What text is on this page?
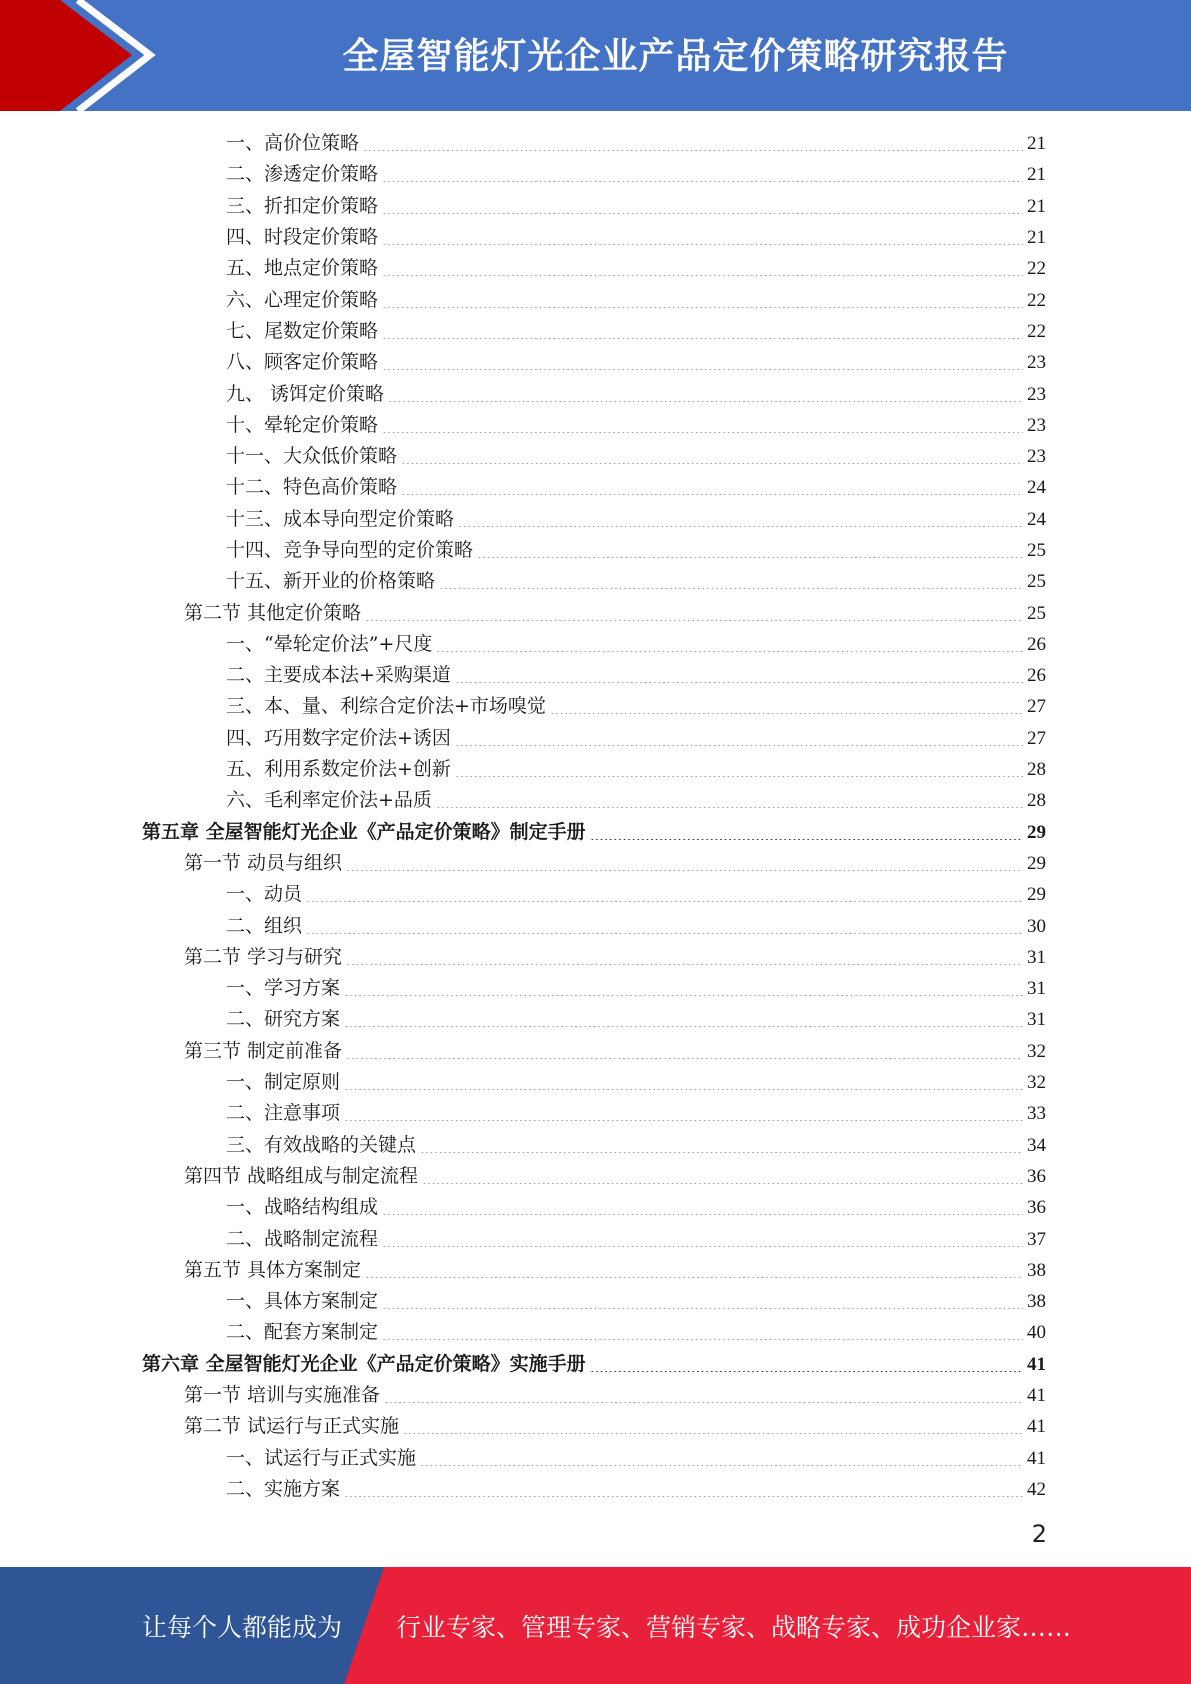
全屋智能灯光企业产品定价策略研究报告
一、高价位策略	21
二、渗透定价策略	21
三、折扣定价策略	21
四、时段定价策略	21
五、地点定价策略	22
六、心理定价策略	22
七、尾数定价策略	22
八、顾客定价策略	23
九、 诱饵定价策略	23
十、晕轮定价策略	23
十一、大众低价策略	23
十二、特色高价策略	24
十三、成本导向型定价策略	24
十四、竞争导向型的定价策略	25
十五、新开业的价格策略	25
第二节 其他定价策略	25
一、“晕轮定价法”+尺度	26
二、主要成本法+采购渠道	26
三、本、量、利综合定价法+市场嗅觉	27
四、巧用数字定价法+诱因	27
五、利用系数定价法+创新	28
六、毛利率定价法+品质	28
第五章 全屋智能灯光企业《产品定价策略》制定手册	29
第一节 动员与组织	29
一、动员	29
二、组织	30
第二节 学习与研究	31
一、学习方案	31
二、研究方案	31
第三节 制定前准备	32
一、制定原则	32
二、注意事项	33
三、有效战略的关键点	34
第四节 战略组成与制定流程	36
一、战略结构组成	36
二、战略制定流程	37
第五节 具体方案制定	38
一、具体方案制定	38
二、配套方案制定	40
第六章 全屋智能灯光企业《产品定价策略》实施手册	41
第一节 培训与实施准备	41
第二节 试运行与正式实施	41
一、试运行与正式实施	41
二、实施方案	42
2
让每个人都能成为 行业专家、管理专家、营销专家、战略专家、成功企业家……
